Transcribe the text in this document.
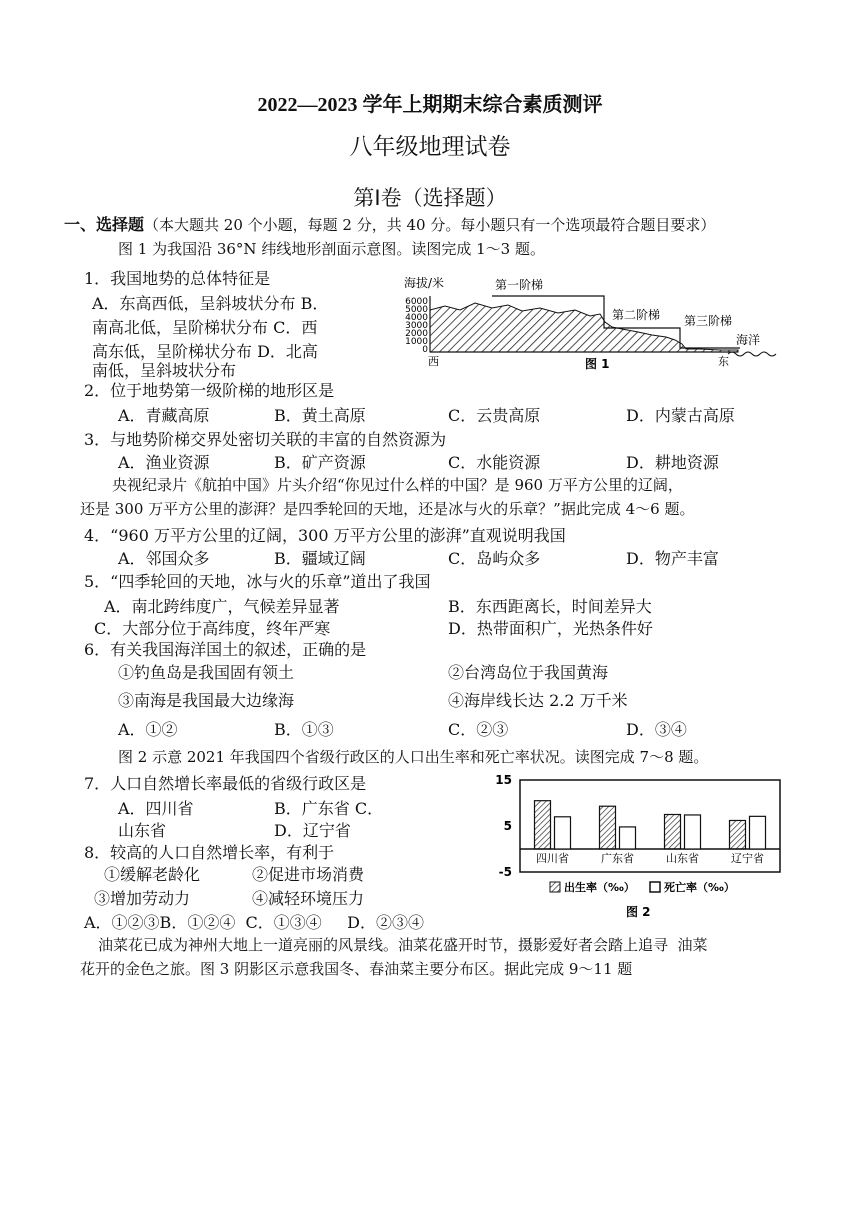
2022—2023 学年上期期末综合素质测评
八年级地理试卷
第Ⅰ卷（选择题）
一、选择题（本大题共 20 个小题，每题 2 分，共 40 分。每小题只有一个选项最符合题目要求）
图 1 为我国沿 36°N 纬线地形剖面示意图。读图完成 1～3 题。
1．我国地势的总体特征是
A．东高西低，呈斜坡状分布 B．
南高北低，呈阶梯状分布 C．西
高东低，呈阶梯状分布 D．北高
南低，呈斜坡状分布
海拔/米
6000
5000
4000
3000
2000
1000
0
第一阶梯
第二阶梯 第三阶梯
海洋
西	东
图 1
2．位于地势第一级阶梯的地形区是
A．青藏高原	B．黄土高原	C．云贵高原	D．内蒙古高原
3．与地势阶梯交界处密切关联的丰富的自然资源为
A．渔业资源	B．矿产资源	C．水能资源	D．耕地资源
央视纪录片《航拍中国》片头介绍“你见过什么样的中国？是 960 万平方公里的辽阔，
还是 300 万平方公里的澎湃？是四季轮回的天地，还是冰与火的乐章？”据此完成 4～6 题。
4．“960 万平方公里的辽阔，300 万平方公里的澎湃”直观说明我国
A．邻国众多	B．疆域辽阔	C．岛屿众多	D．物产丰富
5．“四季轮回的天地，冰与火的乐章”道出了我国
A．南北跨纬度广，气候差异显著	B．东西距离长，时间差异大
C．大部分位于高纬度，终年严寒	D．热带面积广，光热条件好
6．有关我国海洋国土的叙述，正确的是
①钓鱼岛是我国固有领土	②台湾岛位于我国黄海
③南海是我国最大边缘海	④海岸线长达 2.2 万千米
A．①②	B．①③	C．②③	D．③④
图 2 示意 2021 年我国四个省级行政区的人口出生率和死亡率状况。读图完成 7～8 题。
7．人口自然增长率最低的省级行政区是
A．四川省	B．广东省 C．
山东省	D．辽宁省
8．较高的人口自然增长率，有利于
①缓解老龄化	②促进市场消费
③增加劳动力	④减轻环境压力
A．①②③B．①②④  C．①③④     D．②③④
15
5
-5
四川省	广东省	山东省	辽宁省
出生率（‰）	死亡率（‰）
图 2
油菜花已成为神州大地上一道亮丽的风景线。油菜花盛开时节，摄影爱好者会踏上追寻  油菜
花开的金色之旅。图 3 阴影区示意我国冬、春油菜主要分布区。据此完成 9～11 题
